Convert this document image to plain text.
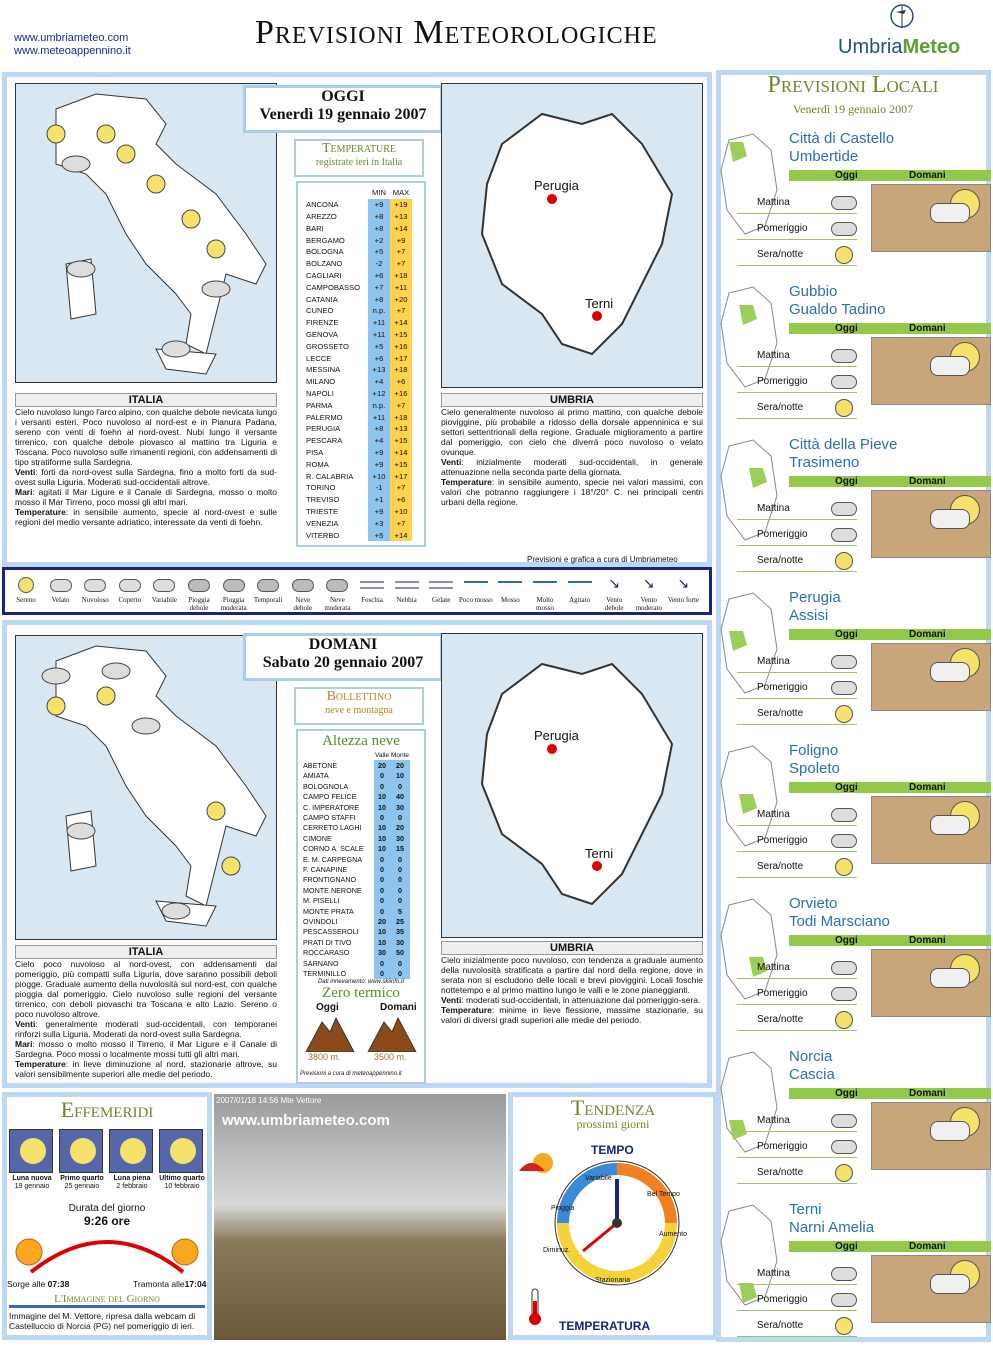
www.umbriameteo.com
www.meteoappennino.it	Previsioni Meteorologiche	UmbriaMeteo
OGGI
Venerdì 19 gennaio 2007
Temperature
registrate ieri in Italia
	MIN	MAX
ANCONA	+9	+19
AREZZO	+8	+13
BARI	+8	+14
BERGAMO	+2	+9
BOLOGNA	+5	+7
BOLZANO	-2	+7
CAGLIARI	+6	+18
CAMPOBASSO	+7	+11
CATANIA	+8	+20
CUNEO	n.p.	+7
FIRENZE	+11	+14
GENOVA	+11	+15
GROSSETO	+5	+16
LECCE	+6	+17
MESSINA	+13	+18
MILANO	+4	+6
NAPOLI	+12	+16
PARMA	n.p.	+7
PALERMO	+11	+18
PERUGIA	+8	+13
PESCARA	+4	+15
PISA	+9	+14
ROMA	+9	+15
R. CALABRIA	+10	+17
TORINO	-1	+7
TREVISO	+1	+6
TRIESTE	+9	+10
VENEZIA	+3	+7
VITERBO	+5	+14
Perugia
Terni
ITALIA

Cielo nuvoloso lungo l'arco alpino, con qualche debole nevicata lungo i versanti esteri. Poco nuvoloso al nord-est e in Pianura Padana, sereno con venti di foehn al nord-ovest. Nubi lungo il versante tirrenico, con qualche debole piovasco al mattino tra Liguria e Toscana. Poco nuvoloso sulle rimanenti regioni, con addensamenti di tipo stratiforme sulla Sardegna.

Venti: forti da nord-ovest sulla Sardegna, fino a molto forti da sud-ovest sulla Liguria. Moderati sud-occidentali altrove.

Mari: agitati il Mar Ligure e il Canale di Sardegna, mosso o molto mosso il Mar Tirreno, poco mossi gli altri mari.

Temperature: in sensibile aumento, specie al nord-ovest e sulle regioni del medio versante adriatico, interessate da venti di foehn.

UMBRIA

Cielo generalmente nuvoloso al primo mattino, con qualche debole pioviggine, più probabile a ridosso della dorsale appenninica e sui settori settentrionali della regione. Graduale miglioramento a partire dal pomeriggio, con cielo che diverrà poco nuvoloso o velato ovunque.

Venti: inizialmente moderati sud-occidentali, in generale attenuazione nella seconda parte della giornata.

Temperature: in sensibile aumento, specie nei valori massimi, con valori che potranno raggiungere i 18°/20° C. nei principali centri urbani della regione.

Previsioni e grafica a cura di Umbriameteo
Sereno	Velato	Nuvoloso	Coperto	Variabile	Pioggia debole
Pioggia moderata
Temporali	Neve debole
Neve moderata
Foschia	Nebbia	Gelate	Poco mosso	Mosso	Molto mosso
Agitato
↘
Vento debole
↘
Vento moderato
↘
Vento forte
DOMANI
Sabato 20 gennaio 2007
Bollettino
neve e montagna
Altezza neve
	Valle	Monte
ABETONE	20	20
AMIATA	0	10
BOLOGNOLA	0	0
CAMPO FELICE	10	40
C. IMPERATORE	10	30
CAMPO STAFFI	0	0
CERRETO LAGHI	10	20
CIMONE	10	30
CORNO A. SCALE	10	15
E. M. CARPEGNA	0	0
F. CANAPINE	0	0
FRONTIGNANO	0	0
MONTE NERONE	0	0
M. PISELLI	0	0
MONTE PRATA	0	5
OVINDOLI	20	25
PESCASSEROLI	10	35
PRATI DI TIVO	10	30
ROCCARASO	30	50
SARNANO	0	0
TERMINILLO	0	0
Dati innevamento: www.skiinfo.it
Zero termico
Oggi	Domani
3800 m.	3500 m.
Previsioni a cura di meteoappennino.it
Perugia
Terni
ITALIA

Cielo poco nuvoloso al nord-ovest, con addensamenti dal pomeriggio, più compatti sulla Liguria, dove saranno possibili deboli piogge. Graduale aumento della nuvolosità sul nord-est, con qualche pioggia dal pomeriggio. Cielo nuvoloso sulle regioni del versante tirrenico, con deboli piovaschi tra Toscana e alto Lazio. Sereno o poco nuvoloso altrove.

Venti: generalmente moderati sud-occidentali, con temporanei rinforzi sulla Liguria. Moderati da nord-ovest sulla Sardegna.

Mari: mosso o molto mosso il Tirreno, il Mar Ligure e il Canale di Sardegna. Poco mossi o localmente mossi tutti gli altri mari.

Temperature: in lieve diminuzione al nord, stazionarie altrove, su valori sensibilmente superiori alle medie del periodo.

UMBRIA

Cielo inizialmente poco nuvoloso, con tendenza a graduale aumento della nuvolosità stratificata a partire dal nord della regione, dove in serata non si escludono delle locali e brevi pioviggini. Locali foschie nottetempo e al primo mattino lungo le valli e le zone pianeggianti.

Venti: moderati sud-occidentali, in attenuazione dal pomeriggio-sera.

Temperature: minime in lieve flessione, massime stazionarie, su valori di diversi gradi superiori alle medie del periodo.

Effemeridi
Luna nuova
19 gennaio
Primo quarto
25 gennaio
Luna piena
2 febbraio
Ultimo quarto
10 febbraio
Durata del giorno
9:26 ore
Sorge alle 07:38	Tramonta alle17:04
L'Immagine del Giorno
Immagine del M. Vettore, ripresa dalla webcam di Castelluccio di Norcia (PG) nel pomeriggio di ieri.
2007/01/18 14:56 Mte Vettore
www.umbriameteo.com
Tendenza
prossimi giorni
TEMPO
Variabile
Pioggia
Bel Tempo
Aumento
Stazionaria
Diminuz.
TEMPERATURA
Previsioni Locali
Venerdì 19 gennaio 2007
Città di Castello
Umbertide
Oggi	Domani
Mattina
Pomeriggio
Sera/notte
Gubbio
Gualdo Tadino
Oggi	Domani
Mattina
Pomeriggio
Sera/notte
Città della Pieve
Trasimeno
Oggi	Domani
Mattina
Pomeriggio
Sera/notte
Perugia
Assisi
Oggi	Domani
Mattina
Pomeriggio
Sera/notte
Foligno
Spoleto
Oggi	Domani
Mattina
Pomeriggio
Sera/notte
Orvieto
Todi Marsciano
Oggi	Domani
Mattina
Pomeriggio
Sera/notte
Norcia
Cascia
Oggi	Domani
Mattina
Pomeriggio
Sera/notte
Terni
Narni Amelia
Oggi	Domani
Mattina
Pomeriggio
Sera/notte
